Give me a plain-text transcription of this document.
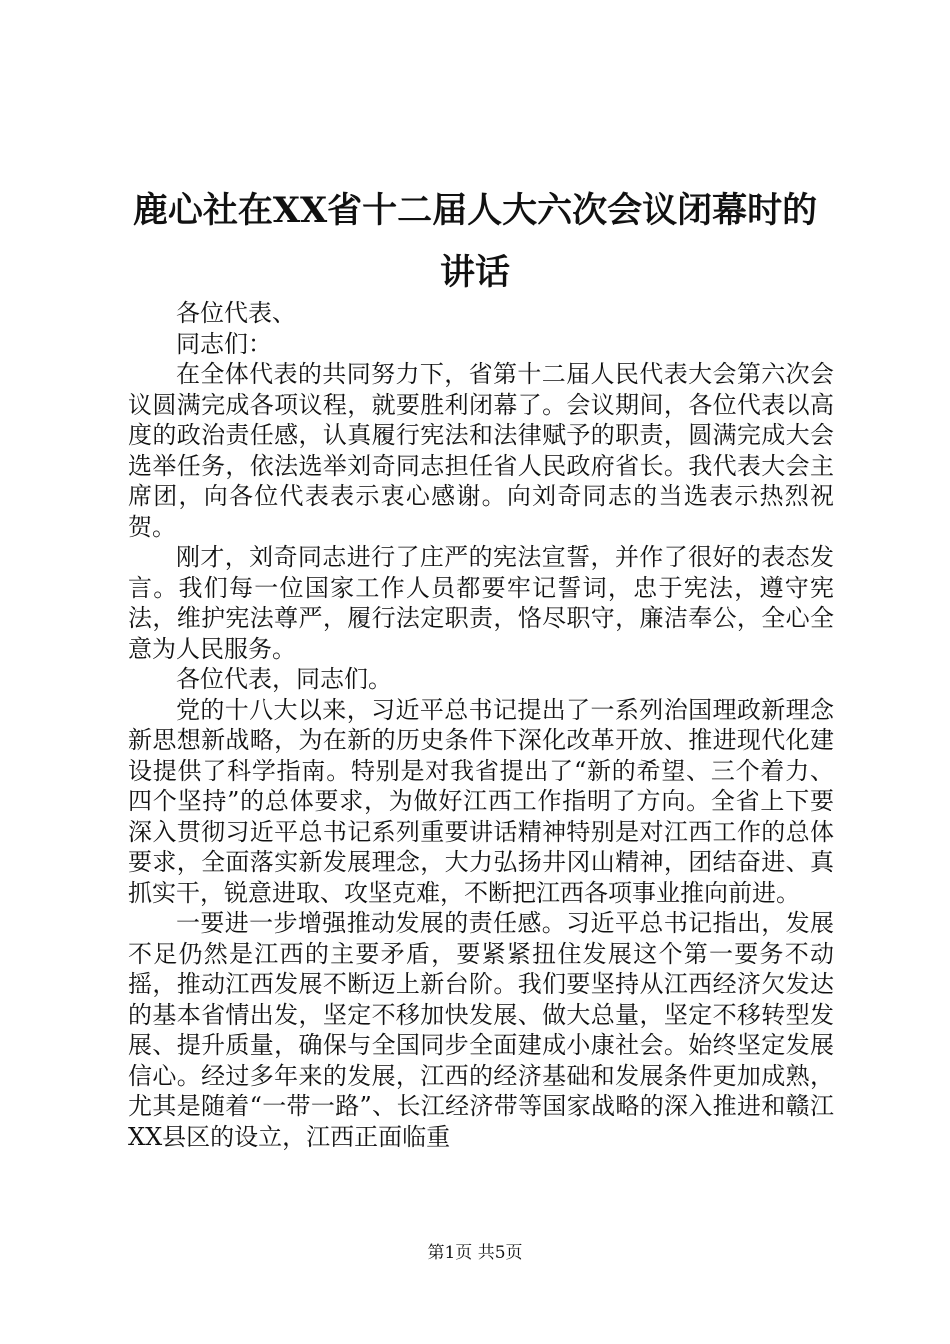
鹿心社在XX省十二届人大六次会议闭幕时的讲话

各位代表、

同志们：

在全体代表的共同努力下，省第十二届人民代表大会第六次会议圆满完成各项议程，就要胜利闭幕了。会议期间，各位代表以高度的政治责任感，认真履行宪法和法律赋予的职责，圆满完成大会选举任务，依法选举刘奇同志担任省人民政府省长。我代表大会主席团，向各位代表表示衷心感谢。向刘奇同志的当选表示热烈祝贺。

刚才，刘奇同志进行了庄严的宪法宣誓，并作了很好的表态发言。我们每一位国家工作人员都要牢记誓词，忠于宪法，遵守宪法，维护宪法尊严，履行法定职责，恪尽职守，廉洁奉公，全心全意为人民服务。

各位代表，同志们。

党的十八大以来，习近平总书记提出了一系列治国理政新理念新思想新战略，为在新的历史条件下深化改革开放、推进现代化建设提供了科学指南。特别是对我省提出了“新的希望、三个着力、四个坚持”的总体要求，为做好江西工作指明了方向。全省上下要深入贯彻习近平总书记系列重要讲话精神特别是对江西工作的总体要求，全面落实新发展理念，大力弘扬井冈山精神，团结奋进、真抓实干，锐意进取、攻坚克难，不断把江西各项事业推向前进。

一要进一步增强推动发展的责任感。习近平总书记指出，发展不足仍然是江西的主要矛盾，要紧紧扭住发展这个第一要务不动摇，推动江西发展不断迈上新台阶。我们要坚持从江西经济欠发达的基本省情出发，坚定不移加快发展、做大总量，坚定不移转型发展、提升质量，确保与全国同步全面建成小康社会。始终坚定发展信心。经过多年来的发展，江西的经济基础和发展条件更加成熟，尤其是随着“一带一路”、长江经济带等国家战略的深入推进和赣江XX县区的设立，江西正面临重

第1页 共5页
